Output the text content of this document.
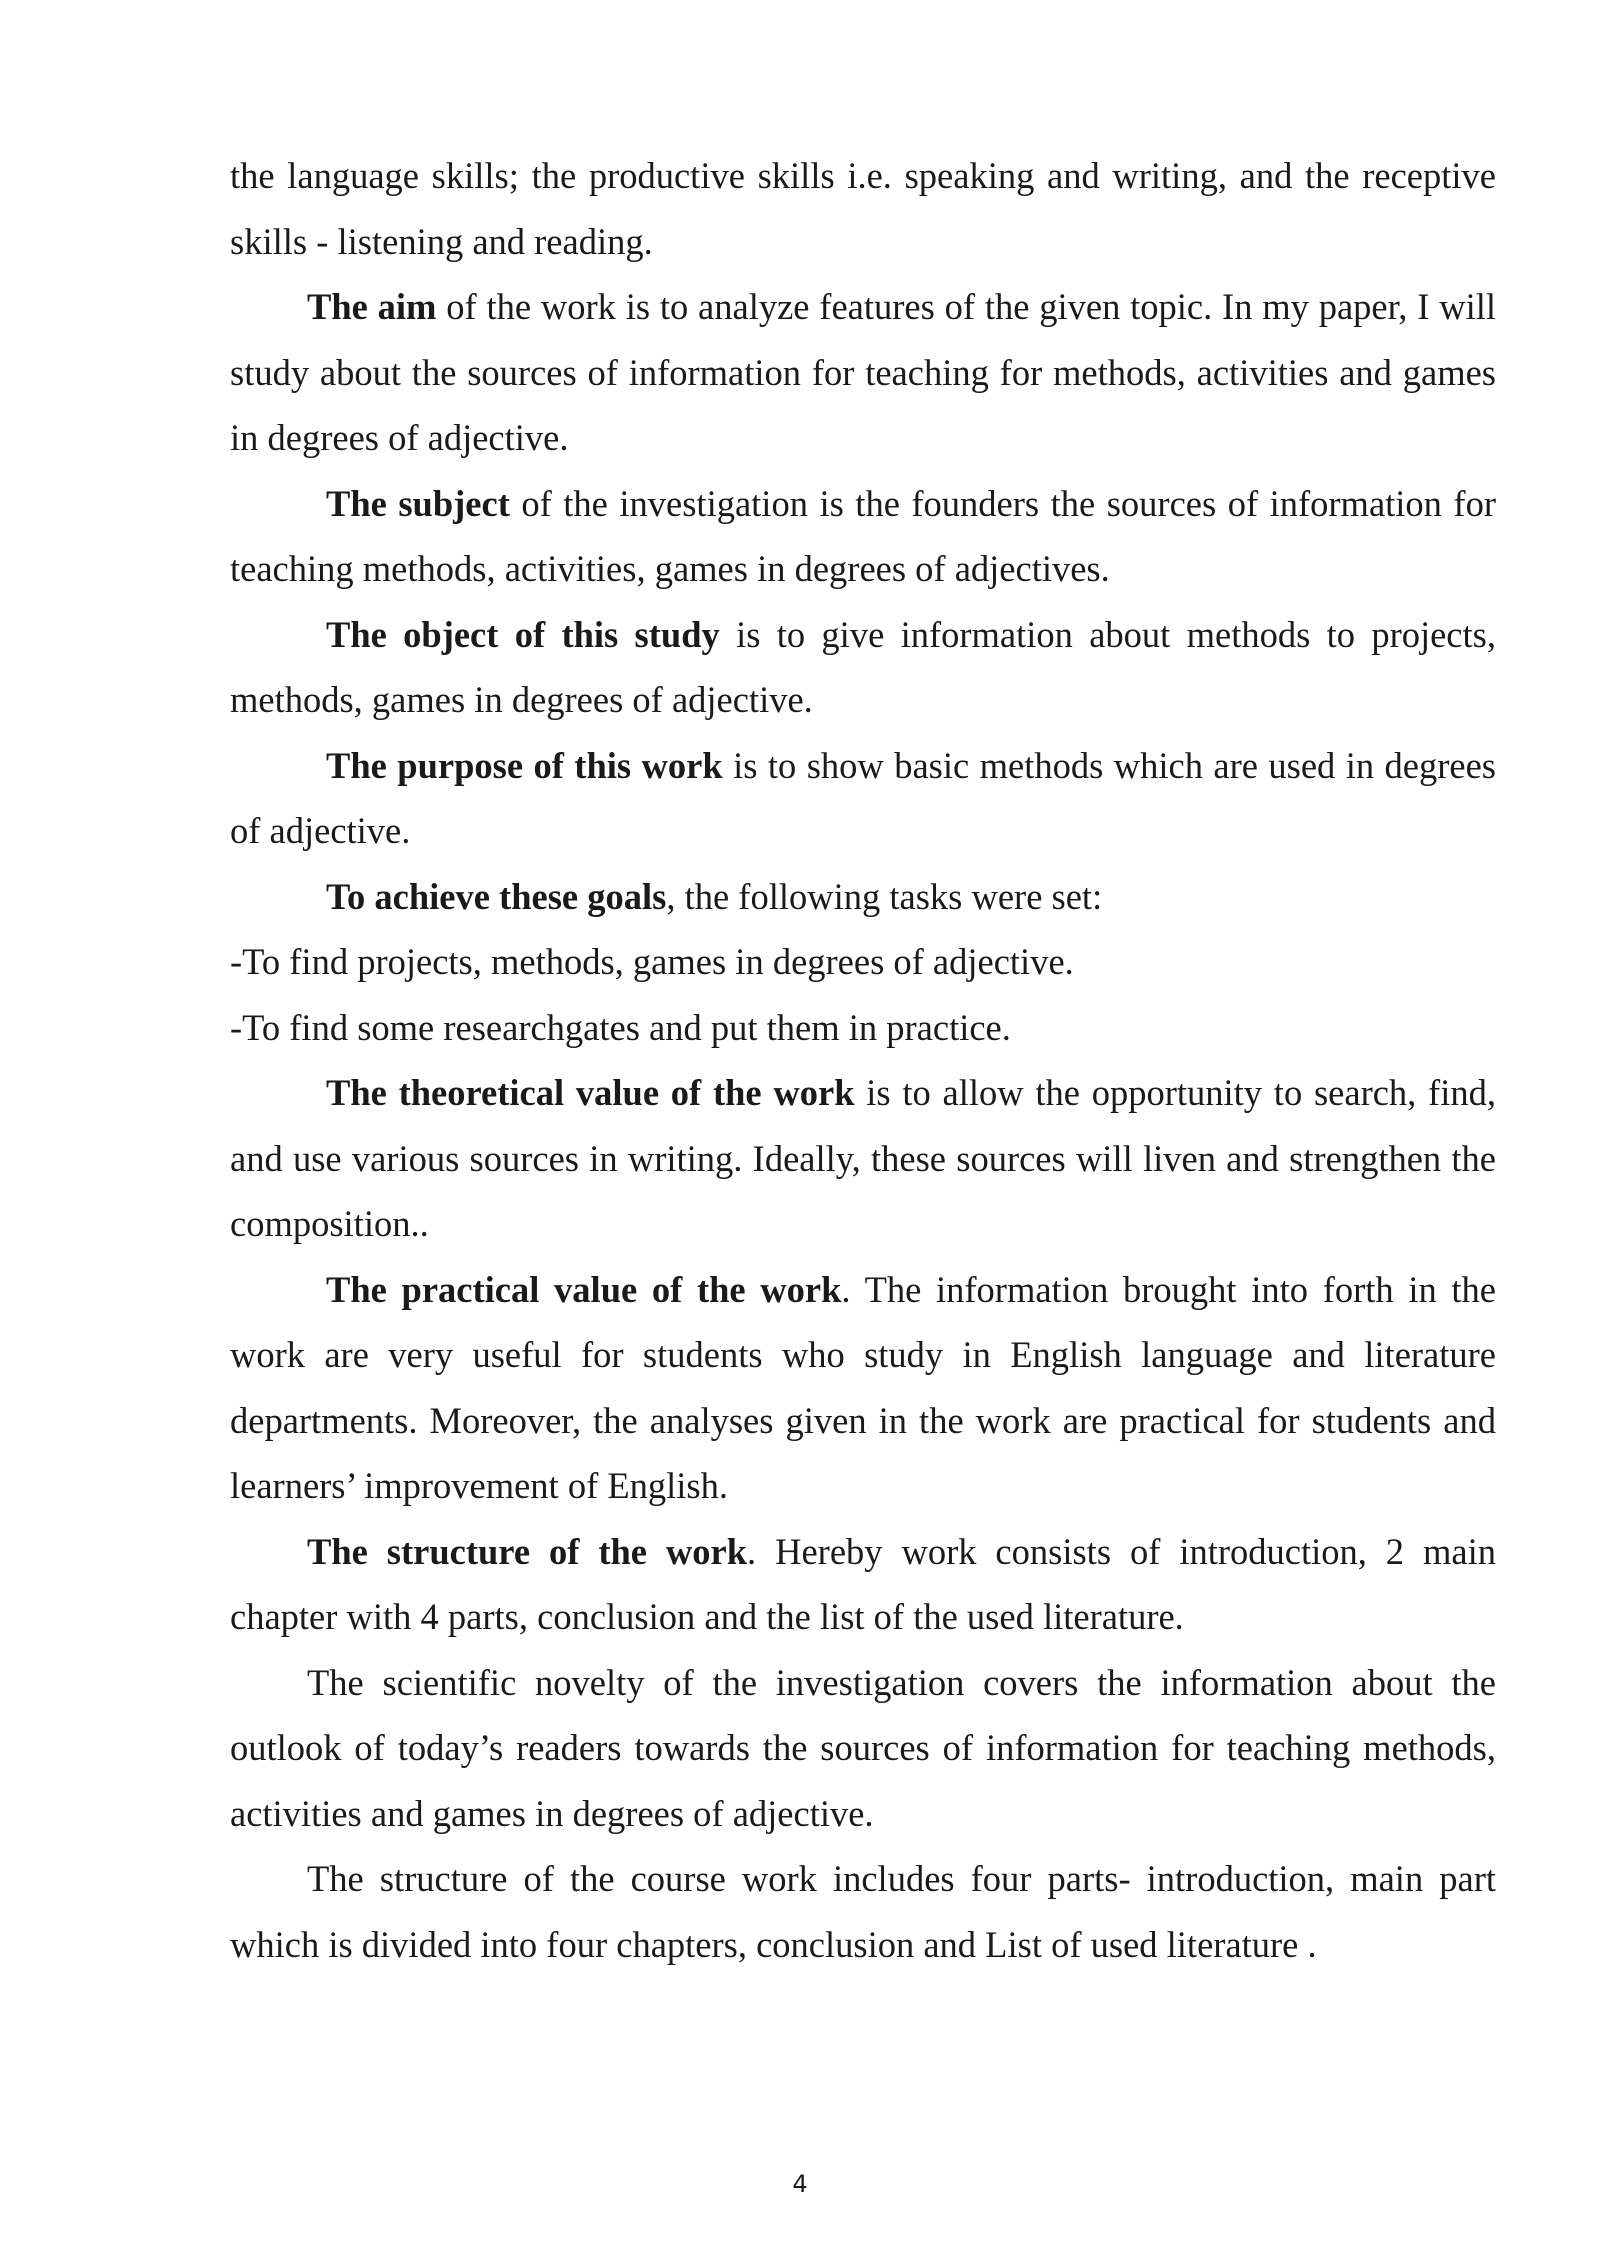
the language skills; the productive skills i.e. speaking and writing, and the receptive skills - listening and reading.

The aim of the work is to analyze features of the given topic. In my paper, I will study about the sources of information for teaching for methods, activities and games in degrees of adjective.

The subject of the investigation is the founders the sources of information for teaching methods, activities, games in degrees of adjectives.

The object of this study is to give information about methods to projects, methods, games in degrees of adjective.

The purpose of this work is to show basic methods which are used in degrees of adjective.

To achieve these goals, the following tasks were set:

-To find projects, methods, games in degrees of adjective.

-To find some researchgates and put them in practice.

The theoretical value of the work is to allow the opportunity to search, find, and use various sources in writing. Ideally, these sources will liven and strengthen the composition..

The practical value of the work. The information brought into forth in the work are very useful for students who study in English language and literature departments. Moreover, the analyses given in the work are practical for students and learners’ improvement of English.

The structure of the work. Hereby work consists of introduction, 2 main chapter with 4 parts, conclusion and the list of the used literature.

The scientific novelty of the investigation covers the information about the outlook of today’s readers towards the sources of information for teaching methods, activities and games in degrees of adjective.

The structure of the course work includes four parts- introduction, main part which is divided into four chapters, conclusion and List of used literature .

4
